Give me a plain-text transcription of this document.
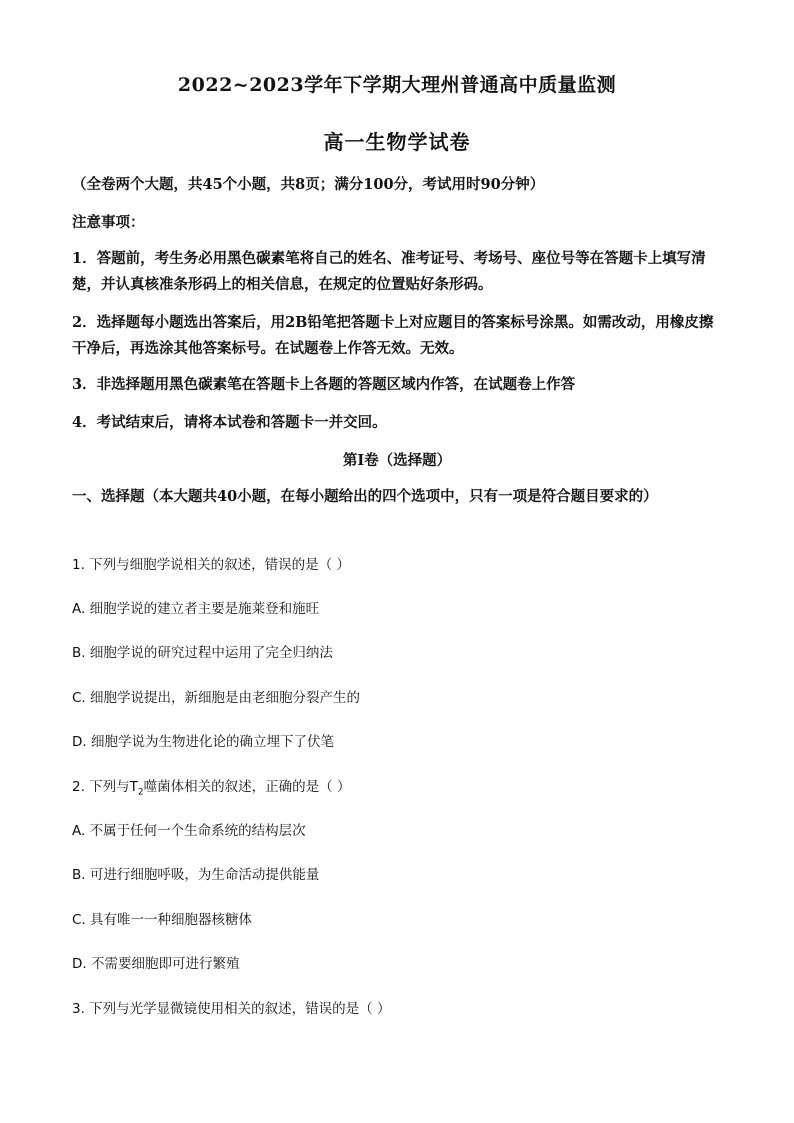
2022~2023学年下学期大理州普通高中质量监测
高一生物学试卷
（全卷两个大题，共45个小题，共8页；满分100分，考试用时90分钟）
注意事项：
1．答题前，考生务必用黑色碳素笔将自己的姓名、准考证号、考场号、座位号等在答题卡上填写清楚，并认真核准条形码上的相关信息，在规定的位置贴好条形码。
2．选择题每小题选出答案后，用2B铅笔把答题卡上对应题目的答案标号涂黑。如需改动，用橡皮擦干净后，再选涂其他答案标号。在试题卷上作答无效。无效。
3．非选择题用黑色碳素笔在答题卡上各题的答题区域内作答，在试题卷上作答
4．考试结束后，请将本试卷和答题卡一并交回。
第Ⅰ卷（选择题）
一、选择题（本大题共40小题，在每小题给出的四个选项中，只有一项是符合题目要求的）
1. 下列与细胞学说相关的叙述，错误的是（ ）
A. 细胞学说的建立者主要是施莱登和施旺
B. 细胞学说的研究过程中运用了完全归纳法
C. 细胞学说提出，新细胞是由老细胞分裂产生的
D. 细胞学说为生物进化论的确立埋下了伏笔
2. 下列与$T_2$噬菌体相关的叙述，正确的是（ ）
A. 不属于任何一个生命系统的结构层次
B. 可进行细胞呼吸，为生命活动提供能量
C. 具有唯一一种细胞器核糖体
D. 不需要细胞即可进行繁殖
3. 下列与光学显微镜使用相关的叙述，错误的是（ ）
